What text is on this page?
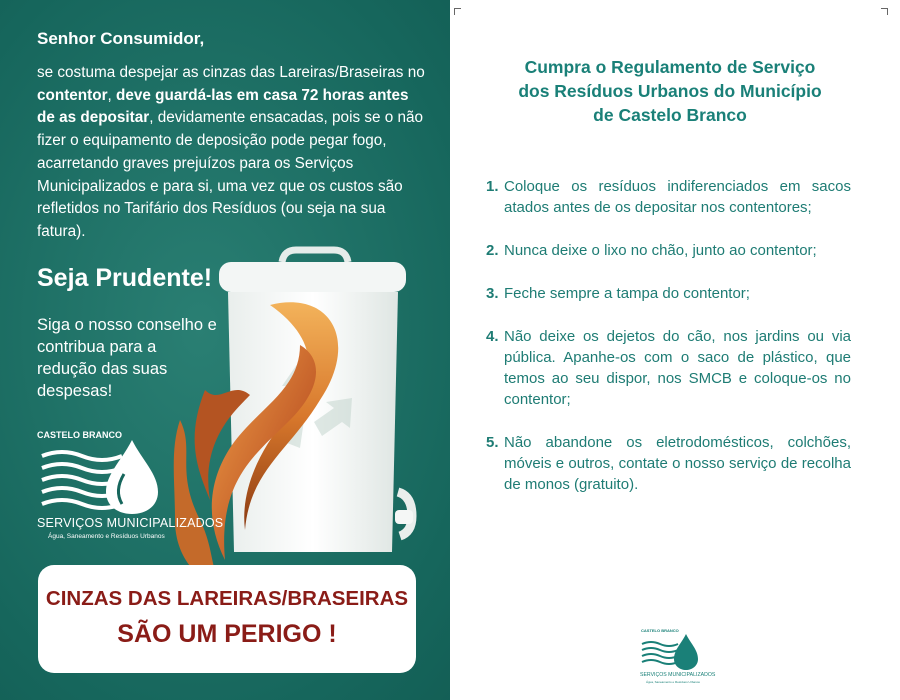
Senhor Consumidor,

se costuma despejar as cinzas das Lareiras/Braseiras no contentor, deve guardá-las em casa 72 horas antes de as depositar, devidamente ensacadas, pois se o não fizer o equipamento de deposição pode pegar fogo, acarretando graves prejuízos para os Serviços Municipalizados e para si, uma vez que os custos são refletidos no Tarifário dos Resíduos (ou seja na sua fatura).

Seja Prudente!

Siga o nosso conselho e contribua para a redução das suas despesas!

CASTELO BRANCO
SERVIÇOS MUNICIPALIZADOS
Água, Saneamento e Resíduos Urbanos

CINZAS DAS LAREIRAS/BRASEIRAS

SÃO UM PERIGO !

Cumpra o Regulamento de Serviço
dos Resíduos Urbanos do Município
de Castelo Branco
1. Coloque os resíduos indiferenciados em sacos atados antes de os depositar nos contentores;
2. Nunca deixe o lixo no chão, junto ao contentor;
3. Feche sempre a tampa do contentor;
4. Não deixe os dejetos do cão, nos jardins ou via pública. Apanhe-os com o saco de plástico, que temos ao seu dispor, nos SMCB e coloque-os no contentor;
5. Não abandone os eletrodomésticos, colchões, móveis e outros, contate o nosso serviço de recolha de monos (gratuito).
CASTELO BRANCO
SERVIÇOS MUNICIPALIZADOS
Água, Saneamento e Resíduos Urbanos
